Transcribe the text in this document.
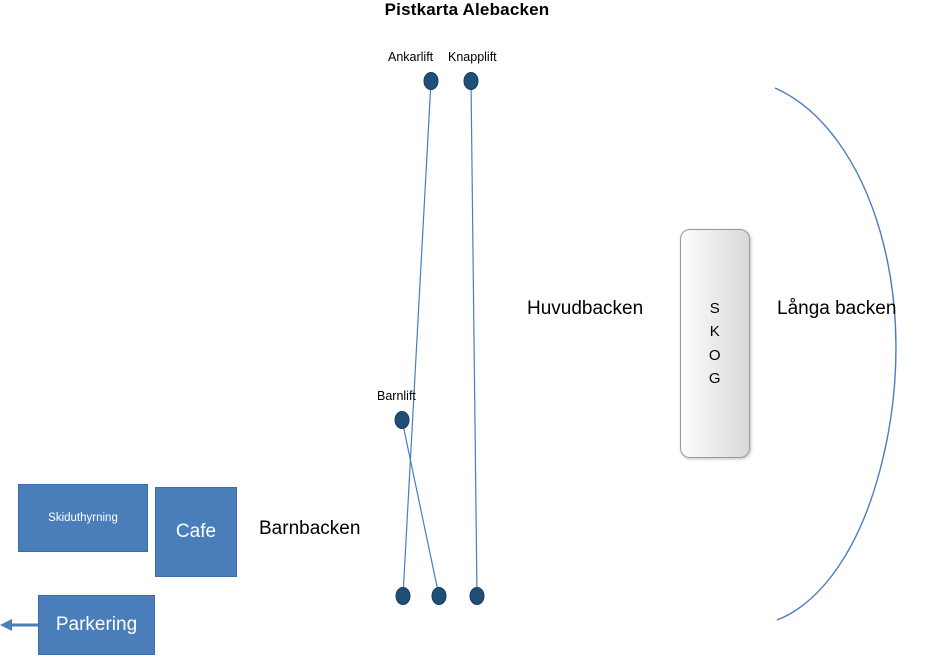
Pistkarta Alebacken
Ankarlift Knapplift
Barnlift
Huvudbacken	Långa backen
Barnbacken
S
K
O
G
Skiduthyrning
Cafe
Parkering
